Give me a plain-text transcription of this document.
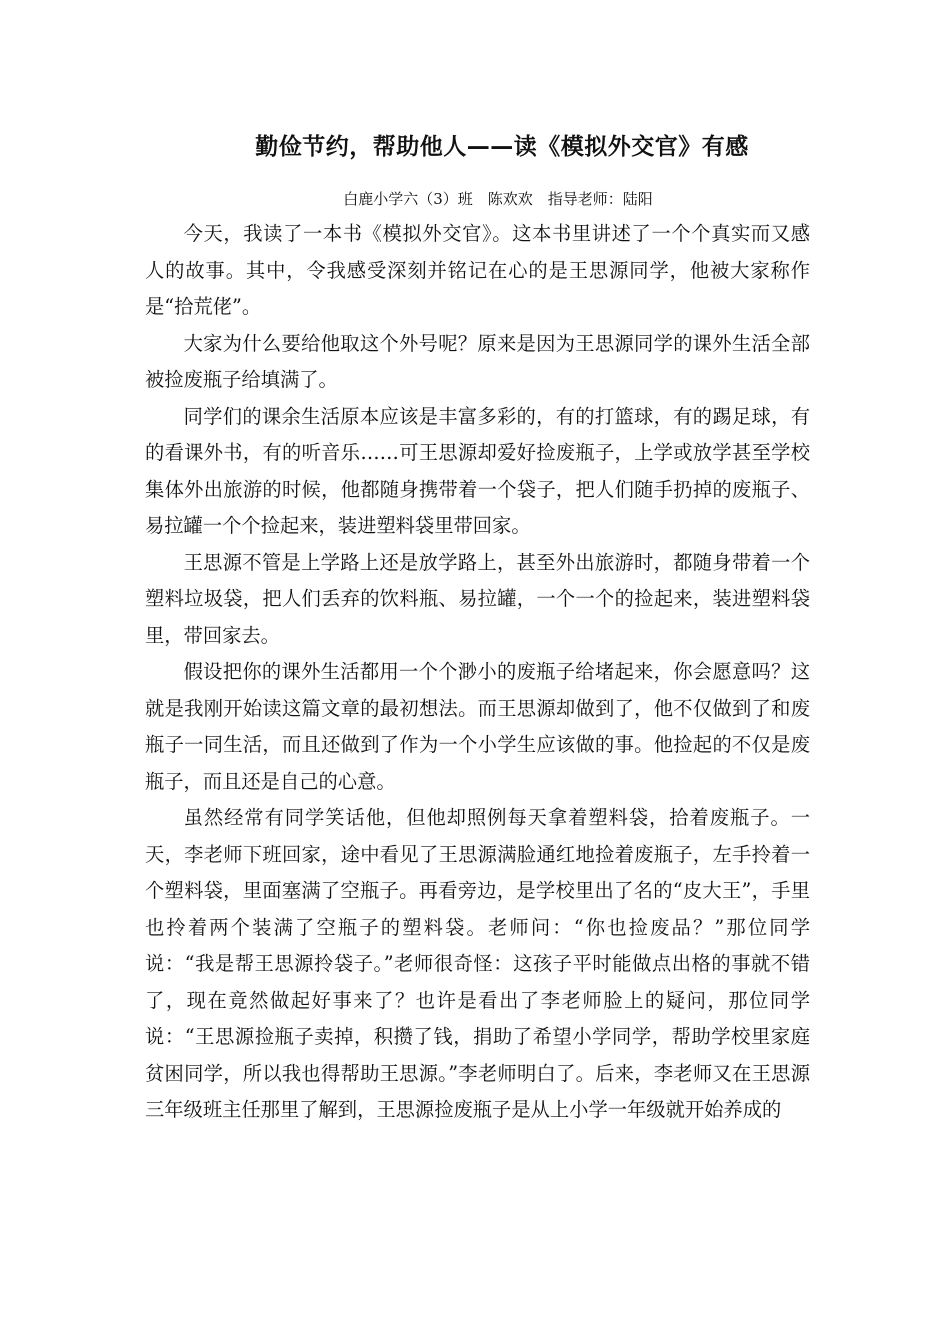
勤俭节约，帮助他人——读《模拟外交官》有感
白鹿小学六（3）班　陈欢欢　指导老师：陆阳

今天，我读了一本书《模拟外交官》。这本书里讲述了一个个真实而又感人的故事。其中，令我感受深刻并铭记在心的是王思源同学，他被大家称作是“拾荒佬”。

大家为什么要给他取这个外号呢？原来是因为王思源同学的课外生活全部被捡废瓶子给填满了。

同学们的课余生活原本应该是丰富多彩的，有的打篮球，有的踢足球，有的看课外书，有的听音乐……可王思源却爱好捡废瓶子，上学或放学甚至学校集体外出旅游的时候，他都随身携带着一个袋子，把人们随手扔掉的废瓶子、易拉罐一个个捡起来，装进塑料袋里带回家。

王思源不管是上学路上还是放学路上，甚至外出旅游时，都随身带着一个塑料垃圾袋，把人们丢弃的饮料瓶、易拉罐，一个一个的捡起来，装进塑料袋里，带回家去。

假设把你的课外生活都用一个个渺小的废瓶子给堵起来，你会愿意吗？这就是我刚开始读这篇文章的最初想法。而王思源却做到了，他不仅做到了和废瓶子一同生活，而且还做到了作为一个小学生应该做的事。他捡起的不仅是废瓶子，而且还是自己的心意。

虽然经常有同学笑话他，但他却照例每天拿着塑料袋，拾着废瓶子。一天，李老师下班回家，途中看见了王思源满脸通红地捡着废瓶子，左手拎着一个塑料袋，里面塞满了空瓶子。再看旁边，是学校里出了名的“皮大王”，手里也拎着两个装满了空瓶子的塑料袋。老师问：“你也捡废品？”那位同学说：“我是帮王思源拎袋子。”老师很奇怪：这孩子平时能做点出格的事就不错了，现在竟然做起好事来了？也许是看出了李老师脸上的疑问，那位同学说：“王思源捡瓶子卖掉，积攒了钱，捐助了希望小学同学，帮助学校里家庭贫困同学，所以我也得帮助王思源。”李老师明白了。后来，李老师又在王思源三年级班主任那里了解到，王思源捡废瓶子是从上小学一年级就开始养成的
